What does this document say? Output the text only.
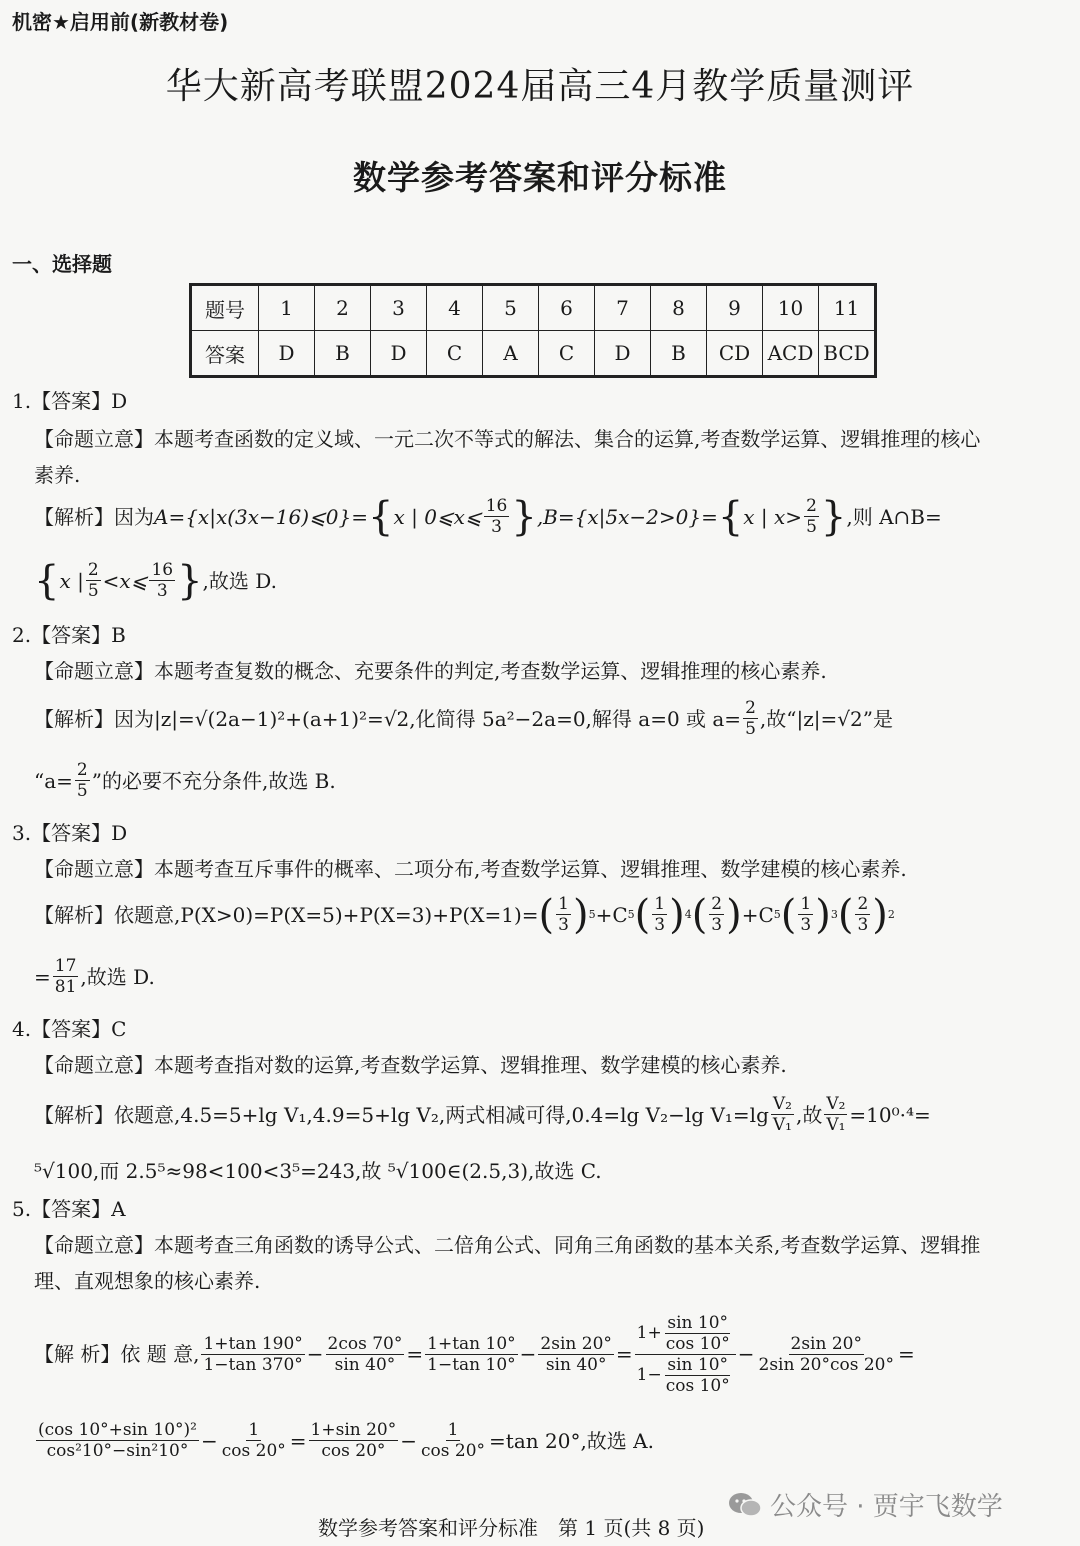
机密★启用前(新教材卷)
华大新高考联盟2024届高三4月教学质量测评
数学参考答案和评分标准
一、选择题
题号	1	2	3	4	5	6	7	8	9	10	11
答案	D	B	D	C	A	C	D	B	CD	ACD	BCD
1.【答案】D
【命题立意】本题考查函数的定义域、一元二次不等式的解法、集合的运算,考查数学运算、逻辑推理的核心
素养.
【解析】因为 A={x|x(3x−16)⩽0}= { x | 0⩽x⩽ $\frac{16}{3}$ } ,B={x|5x−2>0}= { x | $x> \frac{2}{5}$ } ,则 A∩B=
{ x | $\frac{2}{5}$ <x⩽ $\frac{16}{3}$ } ,故选 D.
2.【答案】B
【命题立意】本题考查复数的概念、充要条件的判定,考查数学运算、逻辑推理的核心素养.
【解析】因为|z|=√(2a−1)²+(a+1)²=√2,化简得 5a²−2a=0,解得 a=0 或 $a= \frac{2}{5}$ ,故“|z|=√2”是
“$a= \frac{2}{5}$ ”的必要不充分条件,故选 B.
3.【答案】D
【命题立意】本题考查互斥事件的概率、二项分布,考查数学运算、逻辑推理、数学建模的核心素养.
【解析】依题意,P(X>0)=P(X=5)+P(X=3)+P(X=1)= ( $\frac{1}{3}$ ) 5 +C 5 ( $\frac{1}{3}$ ) 4 ( $\frac{2}{3}$ ) +C 5 ( $\frac{1}{3}$ ) 3 ( $\frac{2}{3}$ ) 2
= $\frac{17}{81}$ ,故选 D.
4.【答案】C
【命题立意】本题考查指对数的运算,考查数学运算、逻辑推理、数学建模的核心素养.
【解析】依题意,4.5=5+lg V₁,4.9=5+lg V₂,两式相减可得,0.4=lg V₂−lg $V_1=\lg \frac{\text{V₂}}{\text{V₁}}$ ,故 $\frac{\text{V₂}}{\text{V₁}} =10^0\cdot^4=$
⁵√100,而 2.5⁵≈98<100<3⁵=243,故 ⁵√100∈(2.5,3),故选 C.
5.【答案】A
【命题立意】本题考查三角函数的诱导公式、二倍角公式、同角三角函数的基本关系,考查数学运算、逻辑推
理、直观想象的核心素养.
【解 析】依 题 意, $\frac{1+\tan 190^\circ}{1-\tan 370^\circ} - \frac{2\cos 70^\circ}{\sin 40^\circ} = \frac{1+\tan 10^\circ}{1-\tan 10^\circ} - \frac{2\sin 20^\circ}{\sin 40^\circ} = \frac{1+ \frac{\sin 10^\circ}{\cos 10^\circ}}{1- \frac{\sin 10^\circ}{\cos 10^\circ}} - \frac{2\sin 20^\circ}{2\sin 20^\circ\cos 20^\circ}$ =
$\frac{\text{(cos 10°+sin 10°)²}}{\text{cos²10°−sin²10°}} - \frac{1}{\cos 20^\circ} = \frac{1+\sin 20^\circ}{\cos 20^\circ} - \frac{1}{\cos 20^\circ} =\tan$ 20°,故选 A.
公众号 · 贾宇飞数学
数学参考答案和评分标准　第 1 页(共 8 页)
